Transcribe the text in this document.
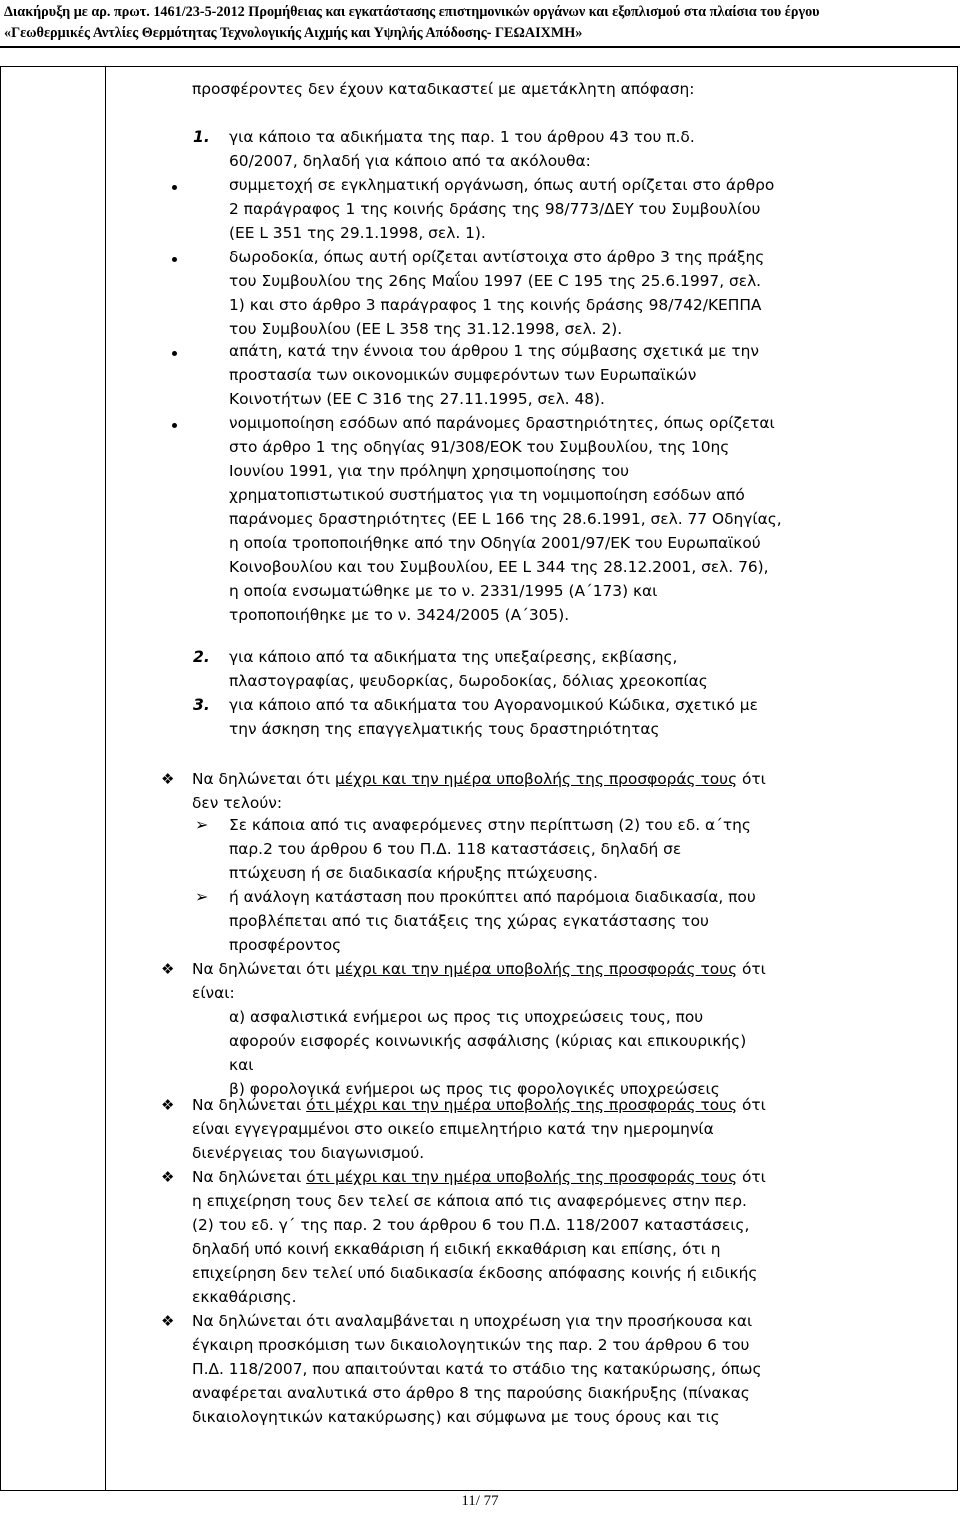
Διακήρυξη με αρ. πρωτ. 1461/23-5-2012 Προμήθειας και εγκατάστασης επιστημονικών οργάνων και εξοπλισμού στα πλαίσια του έργου
«Γεωθερμικές Αντλίες Θερμότητας Τεχνολογικής Αιχμής και Υψηλής Απόδοσης- ΓΕΩΑΙΧΜΗ»
προσφέροντες δεν έχουν καταδικαστεί με αμετάκλητη απόφαση:
1. για κάποιο τα αδικήματα της παρ. 1 του άρθρου 43 του π.δ.
60/2007, δηλαδή για κάποιο από τα ακόλουθα:
συμμετοχή σε εγκληματική οργάνωση, όπως αυτή ορίζεται στο άρθρο
2 παράγραφος 1 της κοινής δράσης της 98/773/ΔΕΥ του Συμβουλίου
(ΕΕ L 351 της 29.1.1998, σελ. 1).
δωροδοκία, όπως αυτή ορίζεται αντίστοιχα στο άρθρο 3 της πράξης
του Συμβουλίου της 26ης Μαΐου 1997 (ΕΕ C 195 της 25.6.1997, σελ.
1) και στο άρθρο 3 παράγραφος 1 της κοινής δράσης 98/742/ΚΕΠΠΑ
του Συμβουλίου (ΕΕ L 358 της 31.12.1998, σελ. 2).
απάτη, κατά την έννοια του άρθρου 1 της σύμβασης σχετικά με την
προστασία των οικονομικών συμφερόντων των Ευρωπαϊκών
Κοινοτήτων (ΕΕ C 316 της 27.11.1995, σελ. 48).
νομιμοποίηση εσόδων από παράνομες δραστηριότητες, όπως ορίζεται
στο άρθρο 1 της οδηγίας 91/308/ΕΟΚ του Συμβουλίου, της 10ης
Ιουνίου 1991, για την πρόληψη χρησιμοποίησης του
χρηματοπιστωτικού συστήματος για τη νομιμοποίηση εσόδων από
παράνομες δραστηριότητες (ΕΕ L 166 της 28.6.1991, σελ. 77 Οδηγίας,
η οποία τροποποιήθηκε από την Οδηγία 2001/97/ΕΚ του Ευρωπαϊκού
Κοινοβουλίου και του Συμβουλίου, ΕΕ L 344 της 28.12.2001, σελ. 76),
η οποία ενσωματώθηκε με το ν. 2331/1995 (Α΄173) και
τροποποιήθηκε με το ν. 3424/2005 (Α΄305).
2. για κάποιο από τα αδικήματα της υπεξαίρεσης, εκβίασης,
πλαστογραφίας, ψευδορκίας, δωροδοκίας, δόλιας χρεοκοπίας
3. για κάποιο από τα αδικήματα του Αγορανομικού Κώδικα, σχετικό με
την άσκηση της επαγγελματικής τους δραστηριότητας
❖ Να δηλώνεται ότι μέχρι και την ημέρα υποβολής της προσφοράς τους ότι
δεν τελούν:
➢ Σε κάποια από τις αναφερόμενες στην περίπτωση (2) του εδ. α΄της
παρ.2 του άρθρου 6 του Π.Δ. 118 καταστάσεις, δηλαδή σε
πτώχευση ή σε διαδικασία κήρυξης πτώχευσης.
➢ ή ανάλογη κατάσταση που προκύπτει από παρόμοια διαδικασία, που
προβλέπεται από τις διατάξεις της χώρας εγκατάστασης του
προσφέροντος
❖ Να δηλώνεται ότι μέχρι και την ημέρα υποβολής της προσφοράς τους ότι
είναι:
α) ασφαλιστικά ενήμεροι ως προς τις υποχρεώσεις τους, που
αφορούν εισφορές κοινωνικής ασφάλισης (κύριας και επικουρικής)
και
β) φορολογικά ενήμεροι ως προς τις φορολογικές υποχρεώσεις
❖ Να δηλώνεται ότι μέχρι και την ημέρα υποβολής της προσφοράς τους ότι
είναι εγγεγραμμένοι στο οικείο επιμελητήριο κατά την ημερομηνία
διενέργειας του διαγωνισμού.
❖ Να δηλώνεται ότι μέχρι και την ημέρα υποβολής της προσφοράς τους ότι
η επιχείρηση τους δεν τελεί σε κάποια από τις αναφερόμενες στην περ.
(2) του εδ. γ΄ της παρ. 2 του άρθρου 6 του Π.Δ. 118/2007 καταστάσεις,
δηλαδή υπό κοινή εκκαθάριση ή ειδική εκκαθάριση και επίσης, ότι η
επιχείρηση δεν τελεί υπό διαδικασία έκδοσης απόφασης κοινής ή ειδικής
εκκαθάρισης.
❖ Να δηλώνεται ότι αναλαμβάνεται η υποχρέωση για την προσήκουσα και
έγκαιρη προσκόμιση των δικαιολογητικών της παρ. 2 του άρθρου 6 του
Π.Δ. 118/2007, που απαιτούνται κατά το στάδιο της κατακύρωσης, όπως
αναφέρεται αναλυτικά στο άρθρο 8 της παρούσης διακήρυξης (πίνακας
δικαιολογητικών κατακύρωσης) και σύμφωνα με τους όρους και τις
11/ 77
